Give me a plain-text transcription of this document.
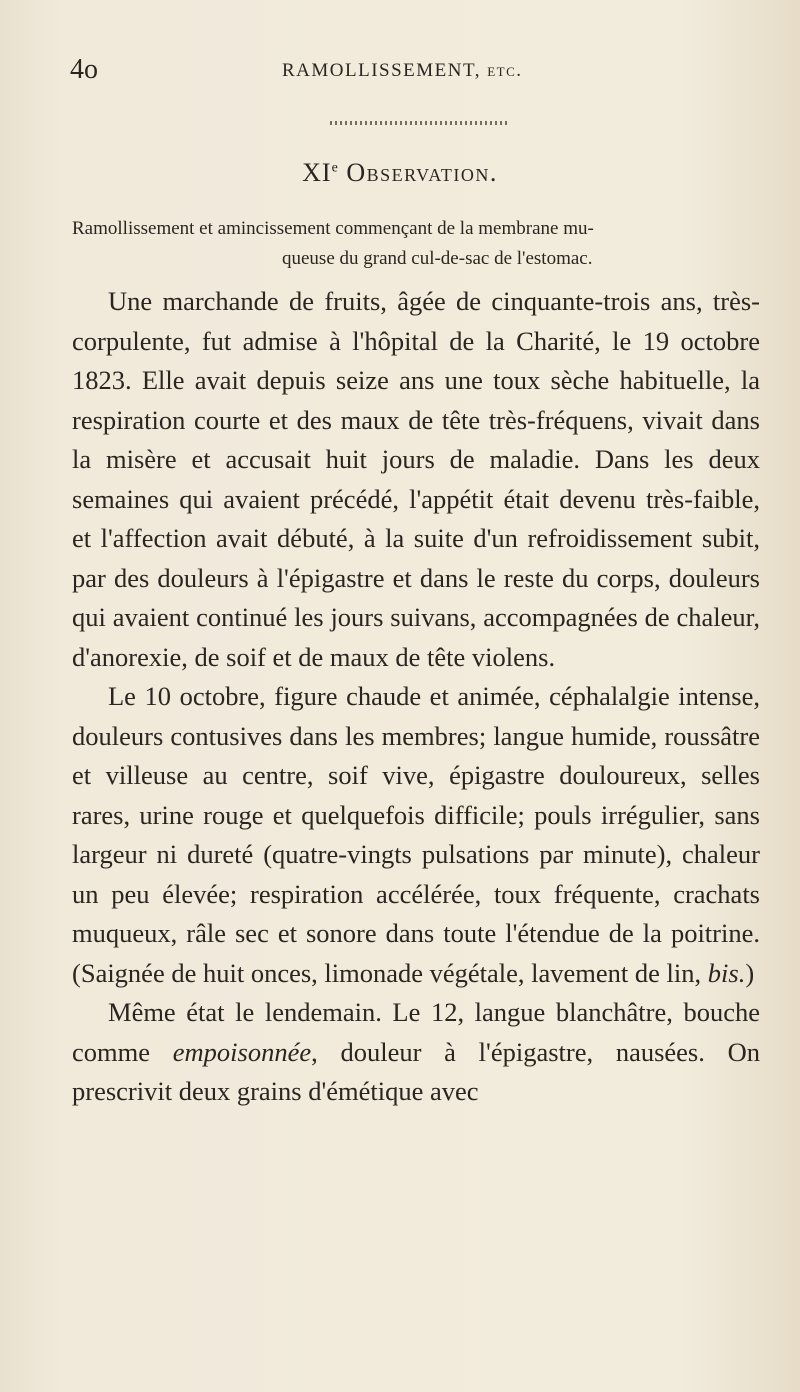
4o	RAMOLLISSEMENT, etc.
XIe Observation.
Ramollissement et amincissement commençant de la membrane mu-
queuse du grand cul-de-sac de l'estomac.

Une marchande de fruits, âgée de cinquante-trois ans, très-corpulente, fut admise à l'hôpital de la Charité, le 19 octobre 1823. Elle avait depuis seize ans une toux sèche habituelle, la respiration courte et des maux de tête très-fréquens, vivait dans la misère et accusait huit jours de maladie. Dans les deux semaines qui avaient précédé, l'appétit était devenu très-faible, et l'affection avait débuté, à la suite d'un refroidissement subit, par des douleurs à l'épigastre et dans le reste du corps, douleurs qui avaient continué les jours suivans, accompagnées de chaleur, d'anorexie, de soif et de maux de tête violens.

Le 10 octobre, figure chaude et animée, céphalalgie intense, douleurs contusives dans les membres; langue humide, roussâtre et villeuse au centre, soif vive, épigastre douloureux, selles rares, urine rouge et quelquefois difficile; pouls irrégulier, sans largeur ni dureté (quatre-vingts pulsations par minute), chaleur un peu élevée; respiration accélérée, toux fréquente, crachats muqueux, râle sec et sonore dans toute l'étendue de la poitrine. (Saignée de huit onces, limonade végétale, lavement de lin, bis.)

Même état le lendemain. Le 12, langue blanchâtre, bouche comme empoisonnée, douleur à l'épigastre, nausées. On prescrivit deux grains d'émétique avec
